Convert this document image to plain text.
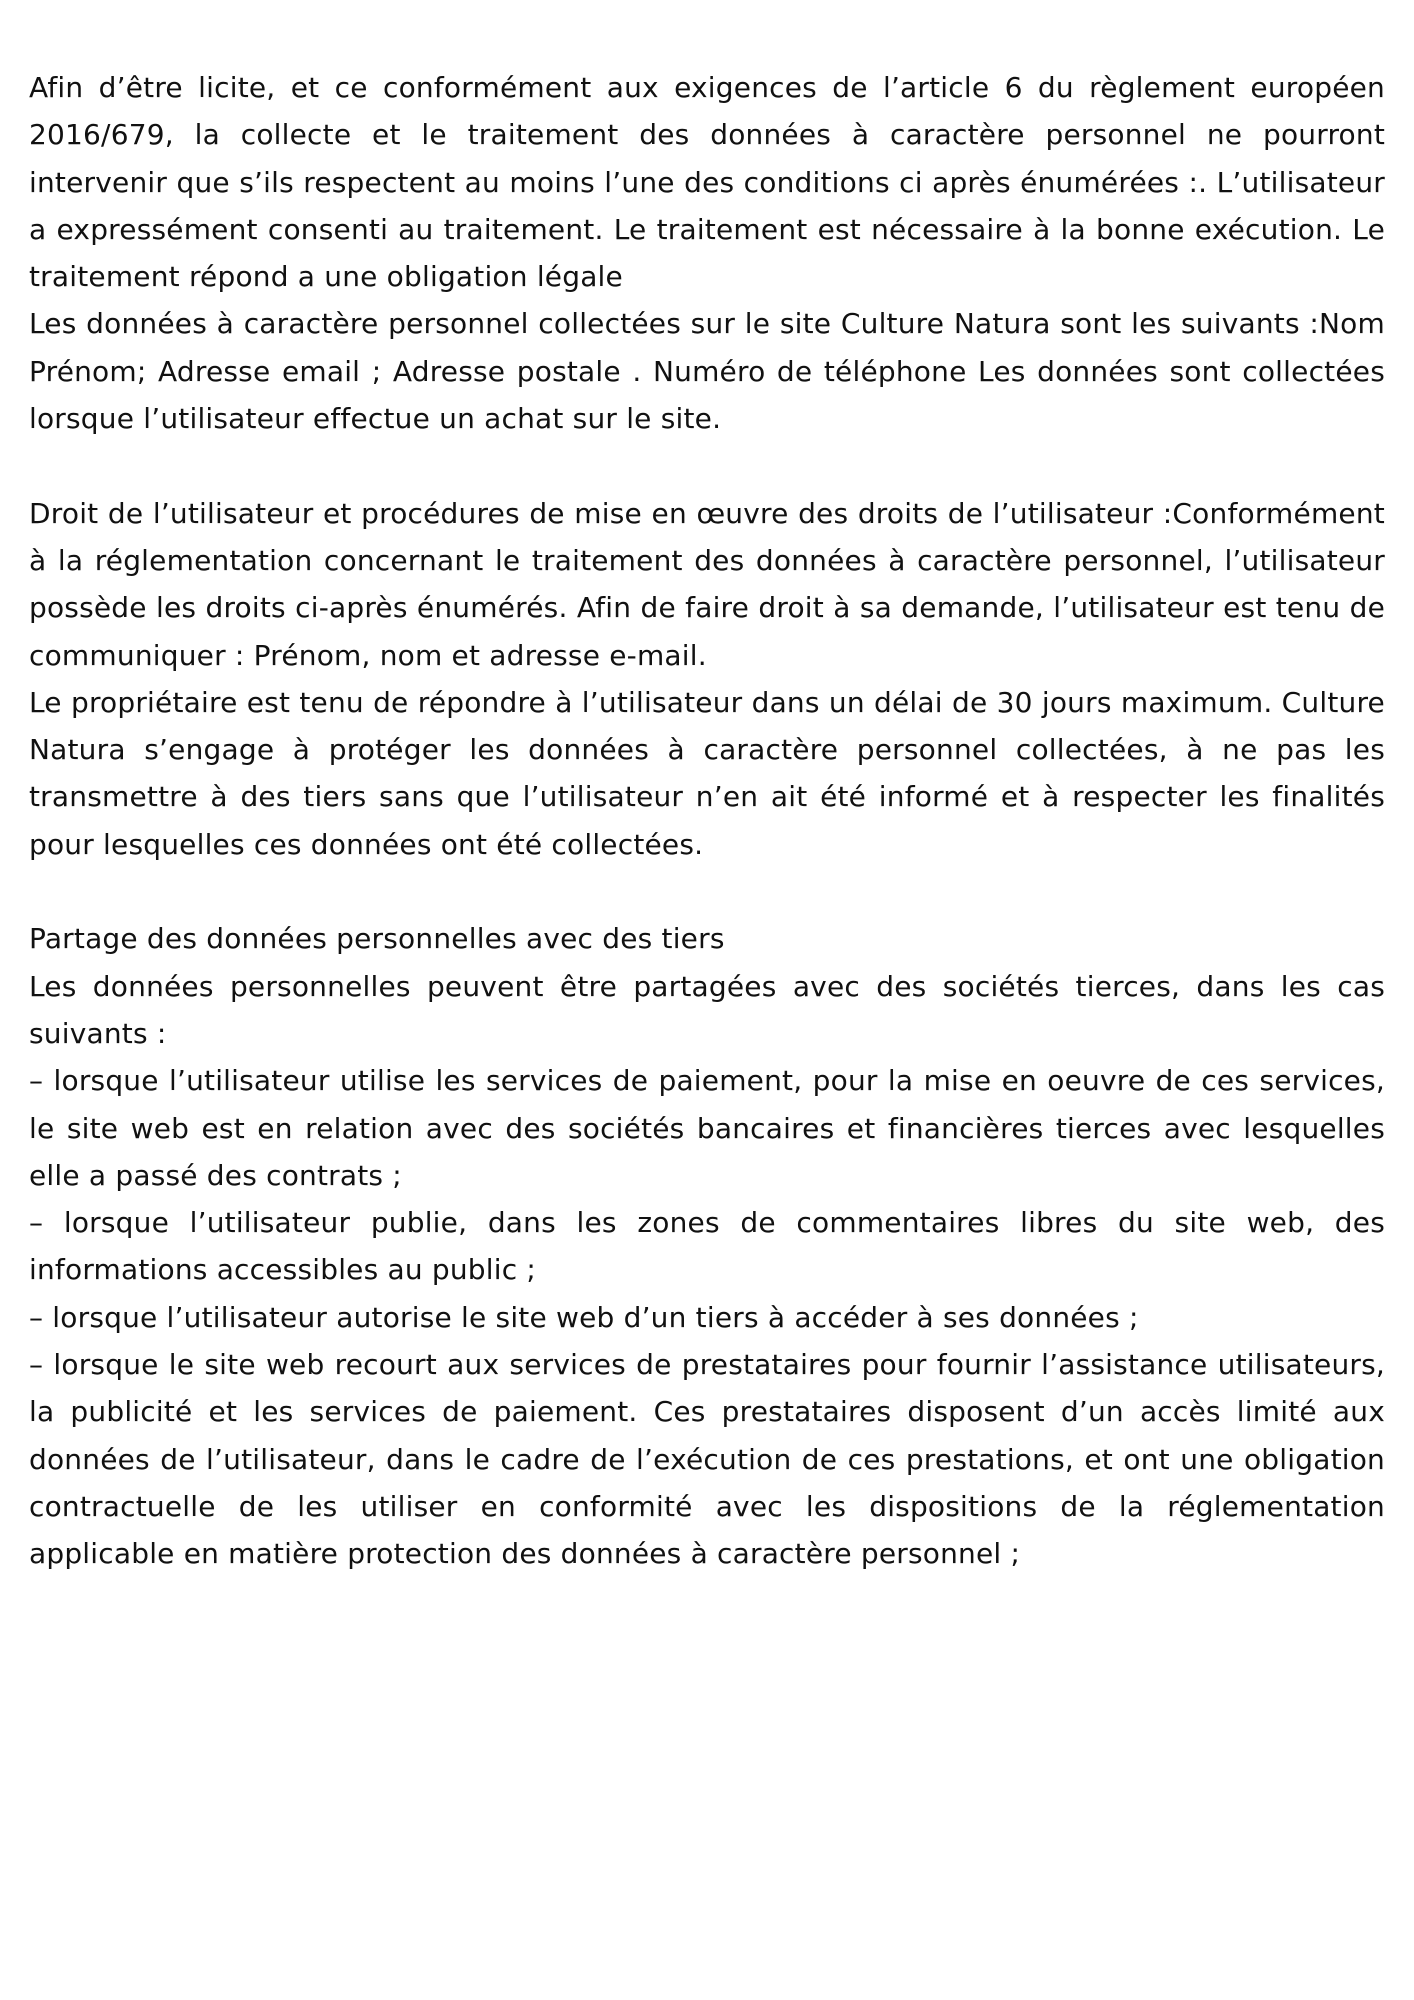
Afin d’être licite, et ce conformément aux exigences de l’article 6 du règlement européen 2016/679, la collecte et le traitement des données à caractère personnel ne pourront intervenir que s’ils respectent au moins l’une des conditions ci après énumérées :. L’utilisateur a expressément consenti au traitement. Le traitement est nécessaire à la bonne exécution. Le traitement répond a une obligation légale

Les données à caractère personnel collectées sur le site Culture Natura sont les suivants :Nom Prénom; Adresse email ; Adresse postale . Numéro de téléphone Les données sont collectées lorsque l’utilisateur effectue un achat sur le site.

Droit de l’utilisateur et procédures de mise en œuvre des droits de l’utilisateur :Conformément à la réglementation concernant le traitement des données à caractère personnel, l’utilisateur possède les droits ci-après énumérés. Afin de faire droit à sa demande, l’utilisateur est tenu de communiquer : Prénom, nom et adresse e-mail.

Le propriétaire est tenu de répondre à l’utilisateur dans un délai de 30 jours maximum. Culture Natura s’engage à protéger les données à caractère personnel collectées, à ne pas les transmettre à des tiers sans que l’utilisateur n’en ait été informé et à respecter les finalités pour lesquelles ces données ont été collectées.

Partage des données personnelles avec des tiers

Les données personnelles peuvent être partagées avec des sociétés tierces, dans les cas suivants :

– lorsque l’utilisateur utilise les services de paiement, pour la mise en oeuvre de ces services, le site web est en relation avec des sociétés bancaires et financières tierces avec lesquelles elle a passé des contrats ;

– lorsque l’utilisateur publie, dans les zones de commentaires libres du site web, des informations accessibles au public ;

– lorsque l’utilisateur autorise le site web d’un tiers à accéder à ses données ;

– lorsque le site web recourt aux services de prestataires pour fournir l’assistance utilisateurs, la publicité et les services de paiement. Ces prestataires disposent d’un accès limité aux données de l’utilisateur, dans le cadre de l’exécution de ces prestations, et ont une obligation contractuelle de les utiliser en conformité avec les dispositions de la réglementation applicable en matière protection des données à caractère personnel ;
